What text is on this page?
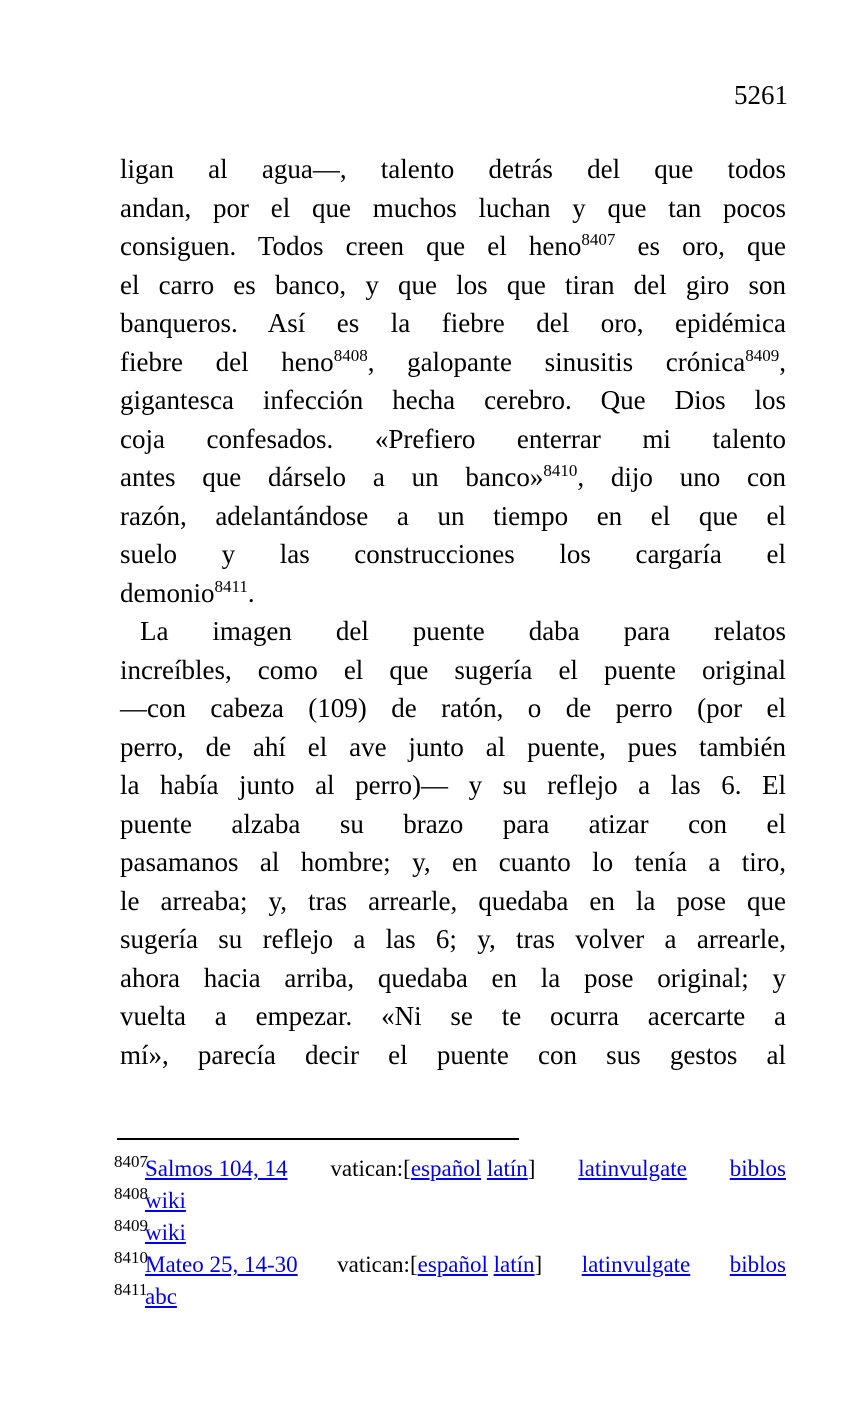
5261
ligan al agua—, talento detrás del que todos
andan, por el que muchos luchan y que tan pocos
consiguen. Todos creen que el heno$^{8407}$ es oro, que
el carro es banco, y que los que tiran del giro son
banqueros. Así es la fiebre del oro, epidémica
fiebre del heno$^{8408}$, galopante sinusitis crónica$^{8409}$,
gigantesca infección hecha cerebro. Que Dios los
coja confesados. «Prefiero enterrar mi talento
antes que dárselo a un banco»$^{8410}$, dijo uno con
razón, adelantándose a un tiempo en el que el
suelo y las construcciones los cargaría el
demonio$^{8411}$.
La imagen del puente daba para relatos
increíbles, como el que sugería el puente original
—con cabeza (109) de ratón, o de perro (por el
perro, de ahí el ave junto al puente, pues también
la había junto al perro)— y su reflejo a las 6. El
puente alzaba su brazo para atizar con el
pasamanos al hombre; y, en cuanto lo tenía a tiro,
le arreaba; y, tras arrearle, quedaba en la pose que
sugería su reflejo a las 6; y, tras volver a arrearle,
ahora hacia arriba, quedaba en la pose original; y
vuelta a empezar. «Ni se te ocurra acercarte a
mí», parecía decir el puente con sus gestos al
8407
Salmos 104, 14 vatican:[español latín] latinvulgate biblos
8408
wiki
8409
wiki
8410
Mateo 25, 14-30 vatican:[español latín] latinvulgate biblos
8411
abc
